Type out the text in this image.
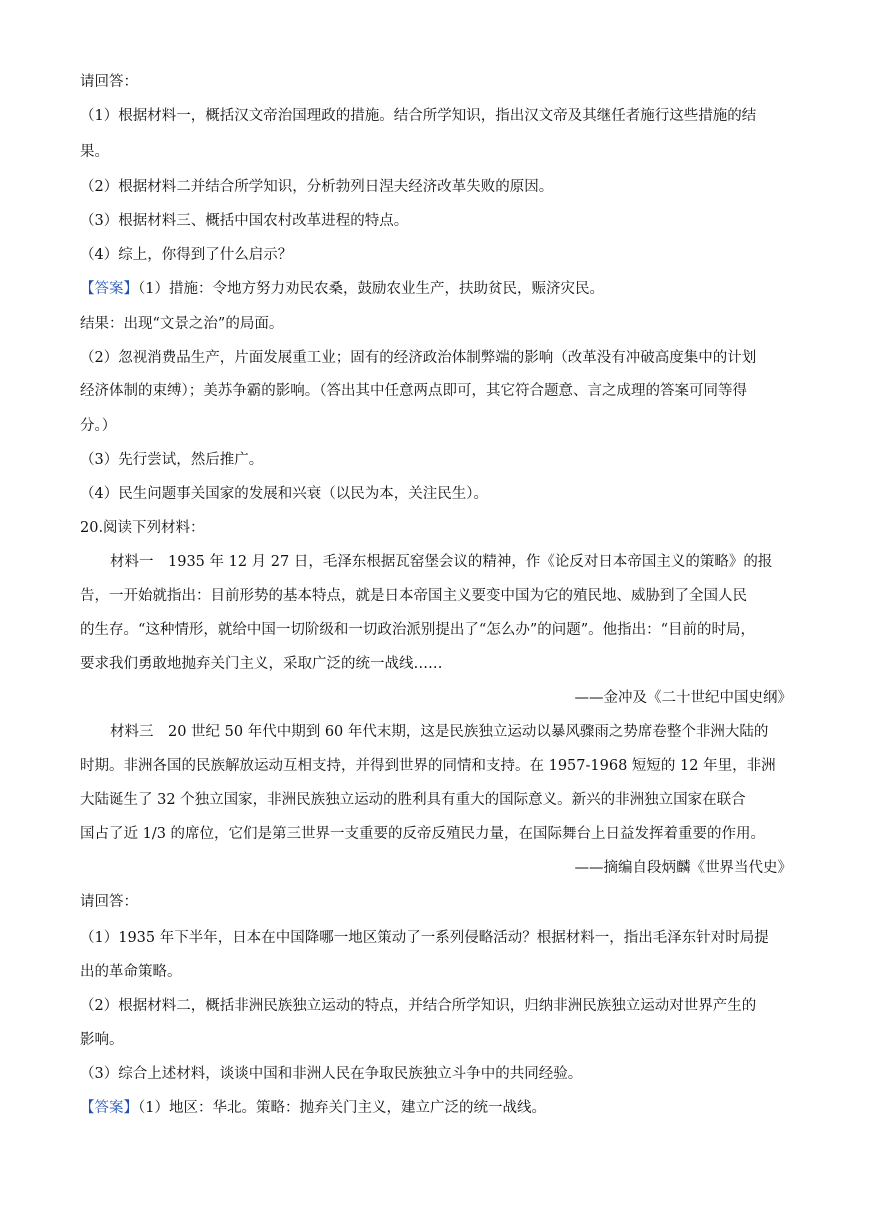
请回答：
（1）根据材料一，概括汉文帝治国理政的措施。结合所学知识，指出汉文帝及其继任者施行这些措施的结
果。
（2）根据材料二并结合所学知识，分析勃列日涅夫经济改革失败的原因。
（3）根据材料三、概括中国农村改革进程的特点。
（4）综上，你得到了什么启示？
【答案】（1）措施：令地方努力劝民农桑，鼓励农业生产，扶助贫民，赈济灾民。
结果：出现“文景之治”的局面。
（2）忽视消费品生产，片面发展重工业；固有的经济政治体制弊端的影响（改革没有冲破高度集中的计划
经济体制的束缚）；美苏争霸的影响。（答出其中任意两点即可，其它符合题意、言之成理的答案可同等得
分。）
（3）先行尝试，然后推广。
（4）民生问题事关国家的发展和兴衰（以民为本，关注民生）。
20.阅读下列材料：
材料一　1935 年 12 月 27 日，毛泽东根据瓦窑堡会议的精神，作《论反对日本帝国主义的策略》的报
告，一开始就指出：目前形势的基本特点，就是日本帝国主义要变中国为它的殖民地、威胁到了全国人民
的生存。“这种情形，就给中国一切阶级和一切政治派别提出了“怎么办”的问题”。他指出：“目前的时局，
要求我们勇敢地抛弃关门主义，采取广泛的统一战线……
——金冲及《二十世纪中国史纲》
材料三　20 世纪 50 年代中期到 60 年代末期，这是民族独立运动以暴风骤雨之势席卷整个非洲大陆的
时期。非洲各国的民族解放运动互相支持，并得到世界的同情和支持。在 1957-1968 短短的 12 年里，非洲
大陆诞生了 32 个独立国家，非洲民族独立运动的胜利具有重大的国际意义。新兴的非洲独立国家在联合
国占了近 1/3 的席位，它们是第三世界一支重要的反帝反殖民力量，在国际舞台上日益发挥着重要的作用。
——摘编自段炳麟《世界当代史》
请回答：
（1）1935 年下半年，日本在中国降哪一地区策动了一系列侵略活动？根据材料一，指出毛泽东针对时局提
出的革命策略。
（2）根据材料二，概括非洲民族独立运动的特点，并结合所学知识，归纳非洲民族独立运动对世界产生的
影响。
（3）综合上述材料，谈谈中国和非洲人民在争取民族独立斗争中的共同经验。
【答案】（1）地区：华北。策略：抛弃关门主义，建立广泛的统一战线。
